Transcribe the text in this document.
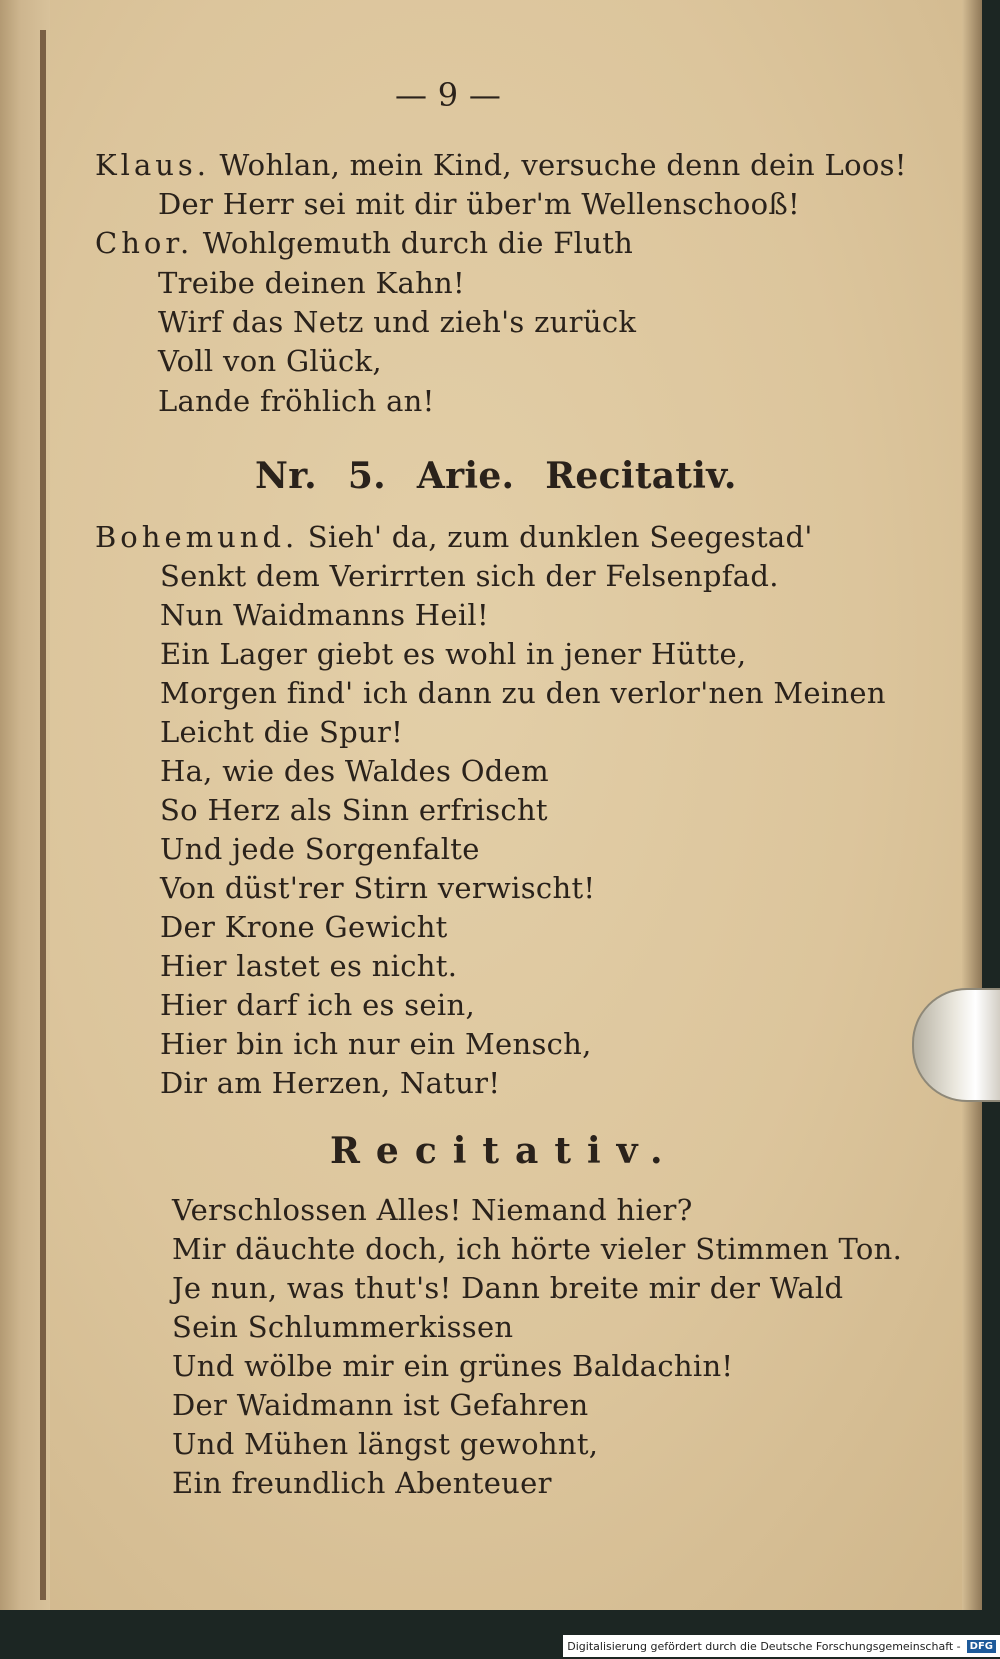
— 9 —
Klaus. Wohlan, mein Kind, versuche denn dein Loos!
Der Herr sei mit dir über'm Wellenschooß!
Chor. Wohlgemuth durch die Fluth
Treibe deinen Kahn!
Wirf das Netz und zieh's zurück
Voll von Glück,
Lande fröhlich an!
Nr. 5. Arie. Recitativ.
Bohemund. Sieh' da, zum dunklen Seegestad'
Senkt dem Verirrten sich der Felsenpfad.
Nun Waidmanns Heil!
Ein Lager giebt es wohl in jener Hütte,
Morgen find' ich dann zu den verlor'nen Meinen
Leicht die Spur!
Ha, wie des Waldes Odem
So Herz als Sinn erfrischt
Und jede Sorgenfalte
Von düst'rer Stirn verwischt!
Der Krone Gewicht
Hier lastet es nicht.
Hier darf ich es sein,
Hier bin ich nur ein Mensch,
Dir am Herzen, Natur!
Recitativ.
Verschlossen Alles! Niemand hier?
Mir däuchte doch, ich hörte vieler Stimmen Ton.
Je nun, was thut's! Dann breite mir der Wald
Sein Schlummerkissen
Und wölbe mir ein grünes Baldachin!
Der Waidmann ist Gefahren
Und Mühen längst gewohnt,
Ein freundlich Abenteuer
Digitalisierung gefördert durch die Deutsche Forschungsgemeinschaft - DFG
